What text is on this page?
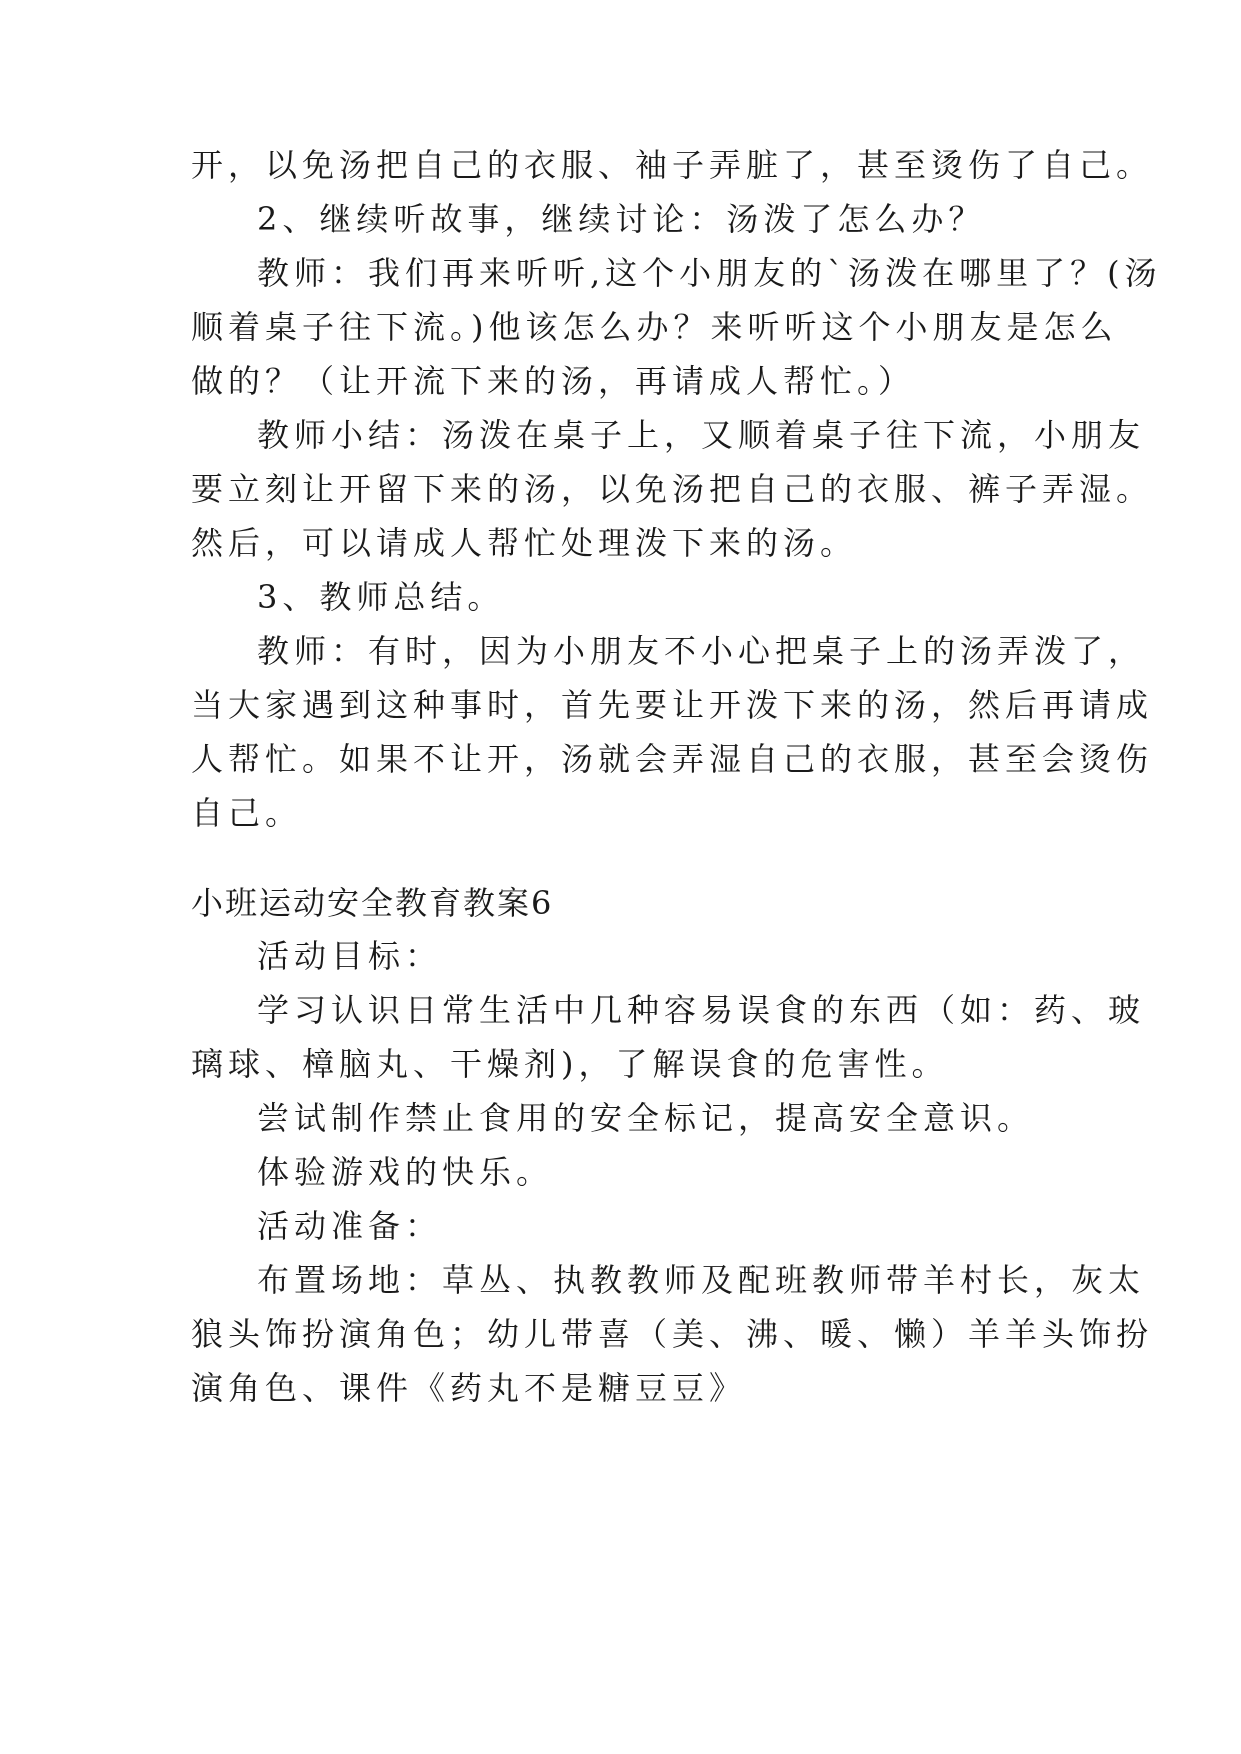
开，以免汤把自己的衣服、袖子弄脏了，甚至烫伤了自己。
2、继续听故事，继续讨论：汤泼了怎么办？
教师：我们再来听听,这个小朋友的`汤泼在哪里了？(汤
顺着桌子往下流。)他该怎么办？来听听这个小朋友是怎么
做的？（让开流下来的汤，再请成人帮忙。）
教师小结：汤泼在桌子上，又顺着桌子往下流，小朋友
要立刻让开留下来的汤，以免汤把自己的衣服、裤子弄湿。
然后，可以请成人帮忙处理泼下来的汤。
3、教师总结。
教师：有时，因为小朋友不小心把桌子上的汤弄泼了，
当大家遇到这种事时，首先要让开泼下来的汤，然后再请成
人帮忙。如果不让开，汤就会弄湿自己的衣服，甚至会烫伤
自己。
小班运动安全教育教案6
活动目标：
学习认识日常生活中几种容易误食的东西（如：药、玻
璃球、樟脑丸、干燥剂)，了解误食的危害性。
尝试制作禁止食用的安全标记，提高安全意识。
体验游戏的快乐。
活动准备：
布置场地：草丛、执教教师及配班教师带羊村长，灰太
狼头饰扮演角色；幼儿带喜（美、沸、暖、懒）羊羊头饰扮
演角色、课件《药丸不是糖豆豆》
